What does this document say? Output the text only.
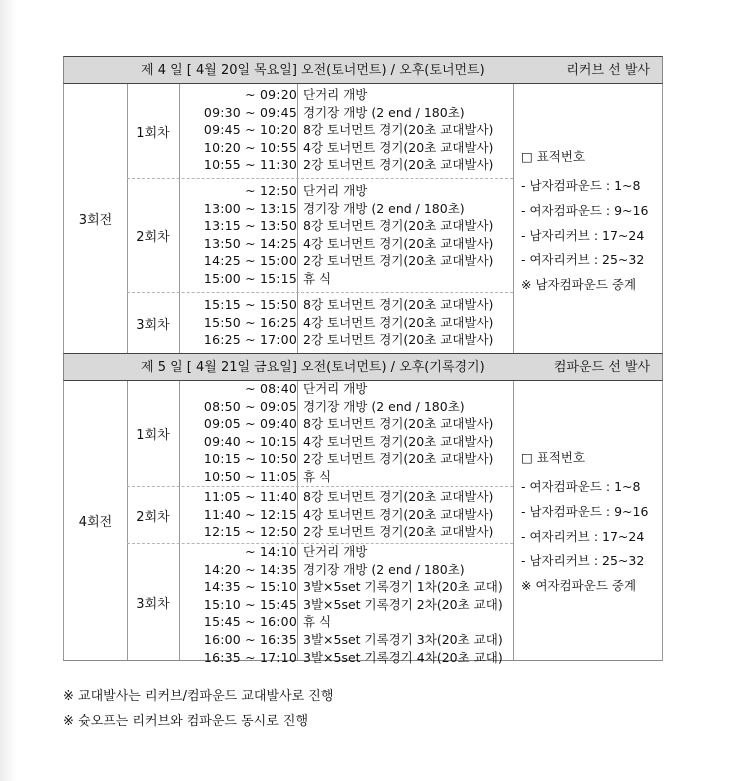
제 4 일 [ 4월 20일 목요일] 오전(토너먼트) / 오후(토너먼트)	리커브 선 발사
3회전
1회차
~ 09:20 단거리 개방
09:30 ~ 09:45 경기장 개방 (2 end / 180초)
09:45 ~ 10:20 8강 토너먼트 경기(20초 교대발사)
10:20 ~ 10:55 4강 토너먼트 경기(20초 교대발사)
10:55 ~ 11:30 2강 토너먼트 경기(20초 교대발사)
2회차
~ 12:50 단거리 개방
13:00 ~ 13:15 경기장 개방 (2 end / 180초)
13:15 ~ 13:50 8강 토너먼트 경기(20초 교대발사)
13:50 ~ 14:25 4강 토너먼트 경기(20초 교대발사)
14:25 ~ 15:00 2강 토너먼트 경기(20초 교대발사)
15:00 ~ 15:15 휴 식
3회차
15:15 ~ 15:50 8강 토너먼트 경기(20초 교대발사)
15:50 ~ 16:25 4강 토너먼트 경기(20초 교대발사)
16:25 ~ 17:00 2강 토너먼트 경기(20초 교대발사)
□ 표적번호
- 남자컴파운드 : 1~8
- 여자컴파운드 : 9~16
- 남자리커브 : 17~24
- 여자리커브 : 25~32
※ 남자컴파운드 중계
제 5 일 [ 4월 21일 금요일] 오전(토너먼트) / 오후(기록경기)	컴파운드 선 발사
4회전
1회차
~ 08:40 단거리 개방
08:50 ~ 09:05 경기장 개방 (2 end / 180초)
09:05 ~ 09:40 8강 토너먼트 경기(20초 교대발사)
09:40 ~ 10:15 4강 토너먼트 경기(20초 교대발사)
10:15 ~ 10:50 2강 토너먼트 경기(20초 교대발사)
10:50 ~ 11:05 휴 식
2회차
11:05 ~ 11:40 8강 토너먼트 경기(20초 교대발사)
11:40 ~ 12:15 4강 토너먼트 경기(20초 교대발사)
12:15 ~ 12:50 2강 토너먼트 경기(20초 교대발사)
3회차
~ 14:10 단거리 개방
14:20 ~ 14:35 경기장 개방 (2 end / 180초)
14:35 ~ 15:10 3발×5set 기록경기 1차(20초 교대)
15:10 ~ 15:45 3발×5set 기록경기 2차(20초 교대)
15:45 ~ 16:00 휴 식
16:00 ~ 16:35 3발×5set 기록경기 3차(20초 교대)
16:35 ~ 17:10 3발×5set 기록경기 4차(20초 교대)
□ 표적번호
- 여자컴파운드 : 1~8
- 남자컴파운드 : 9~16
- 여자리커브 : 17~24
- 남자리커브 : 25~32
※ 여자컴파운드 중계
※ 교대발사는 리커브/컴파운드 교대발사로 진행
※ 슛오프는 리커브와 컴파운드 동시로 진행
